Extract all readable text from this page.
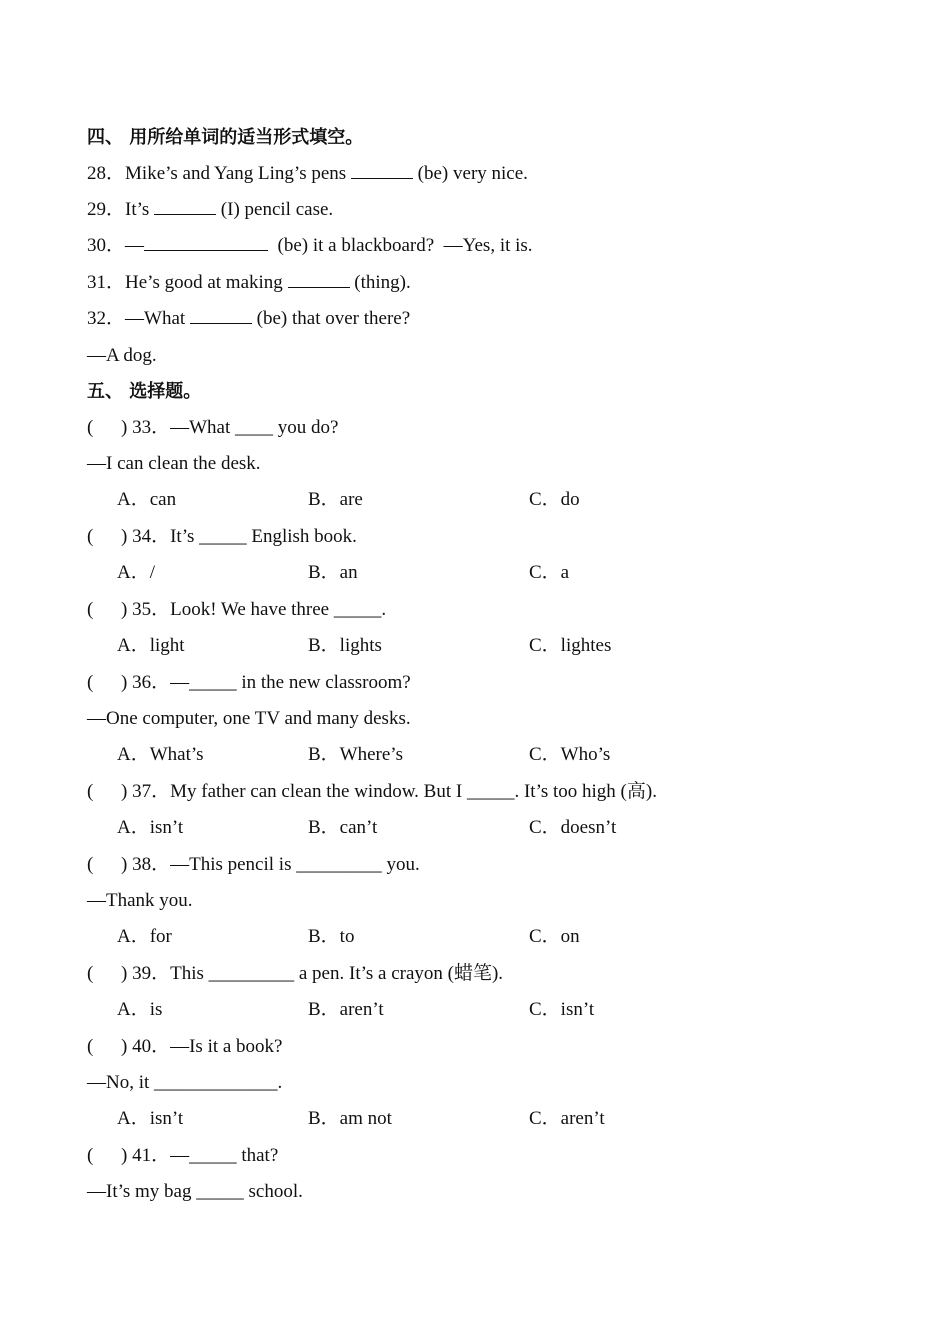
四、 用所给单词的适当形式填空。
28．Mike’s and Yang Ling’s pens	(be) very nice.
29．It’s	(I) pencil case.
30．—	(be) it a blackboard?  —Yes, it is.
31．He’s good at making	(thing).
32．—What	(be) that over there?
—A dog.
五、 选择题。
( ) 33．—What ____ you do?
—I can clean the desk.
A．can	B．are	C．do
( ) 34．It’s _____ English book.
A．/	B．an	C．a
( ) 35．Look! We have three _____.
A．light	B．lights	C．lightes
( ) 36．—_____ in the new classroom?
—One computer, one TV and many desks.
A．What’s	B．Where’s	C．Who’s
( ) 37．My father can clean the window. But I _____. It’s too high (高).
A．isn’t	B．can’t	C．doesn’t
( ) 38．—This pencil is _________ you.
—Thank you.
A．for	B．to	C．on
( ) 39．This _________ a pen. It’s a crayon (蜡笔).
A．is	B．aren’t	C．isn’t
( ) 40．—Is it a book?
—No, it _____________.
A．isn’t	B．am not	C．aren’t
( ) 41．—_____ that?
—It’s my bag _____ school.
